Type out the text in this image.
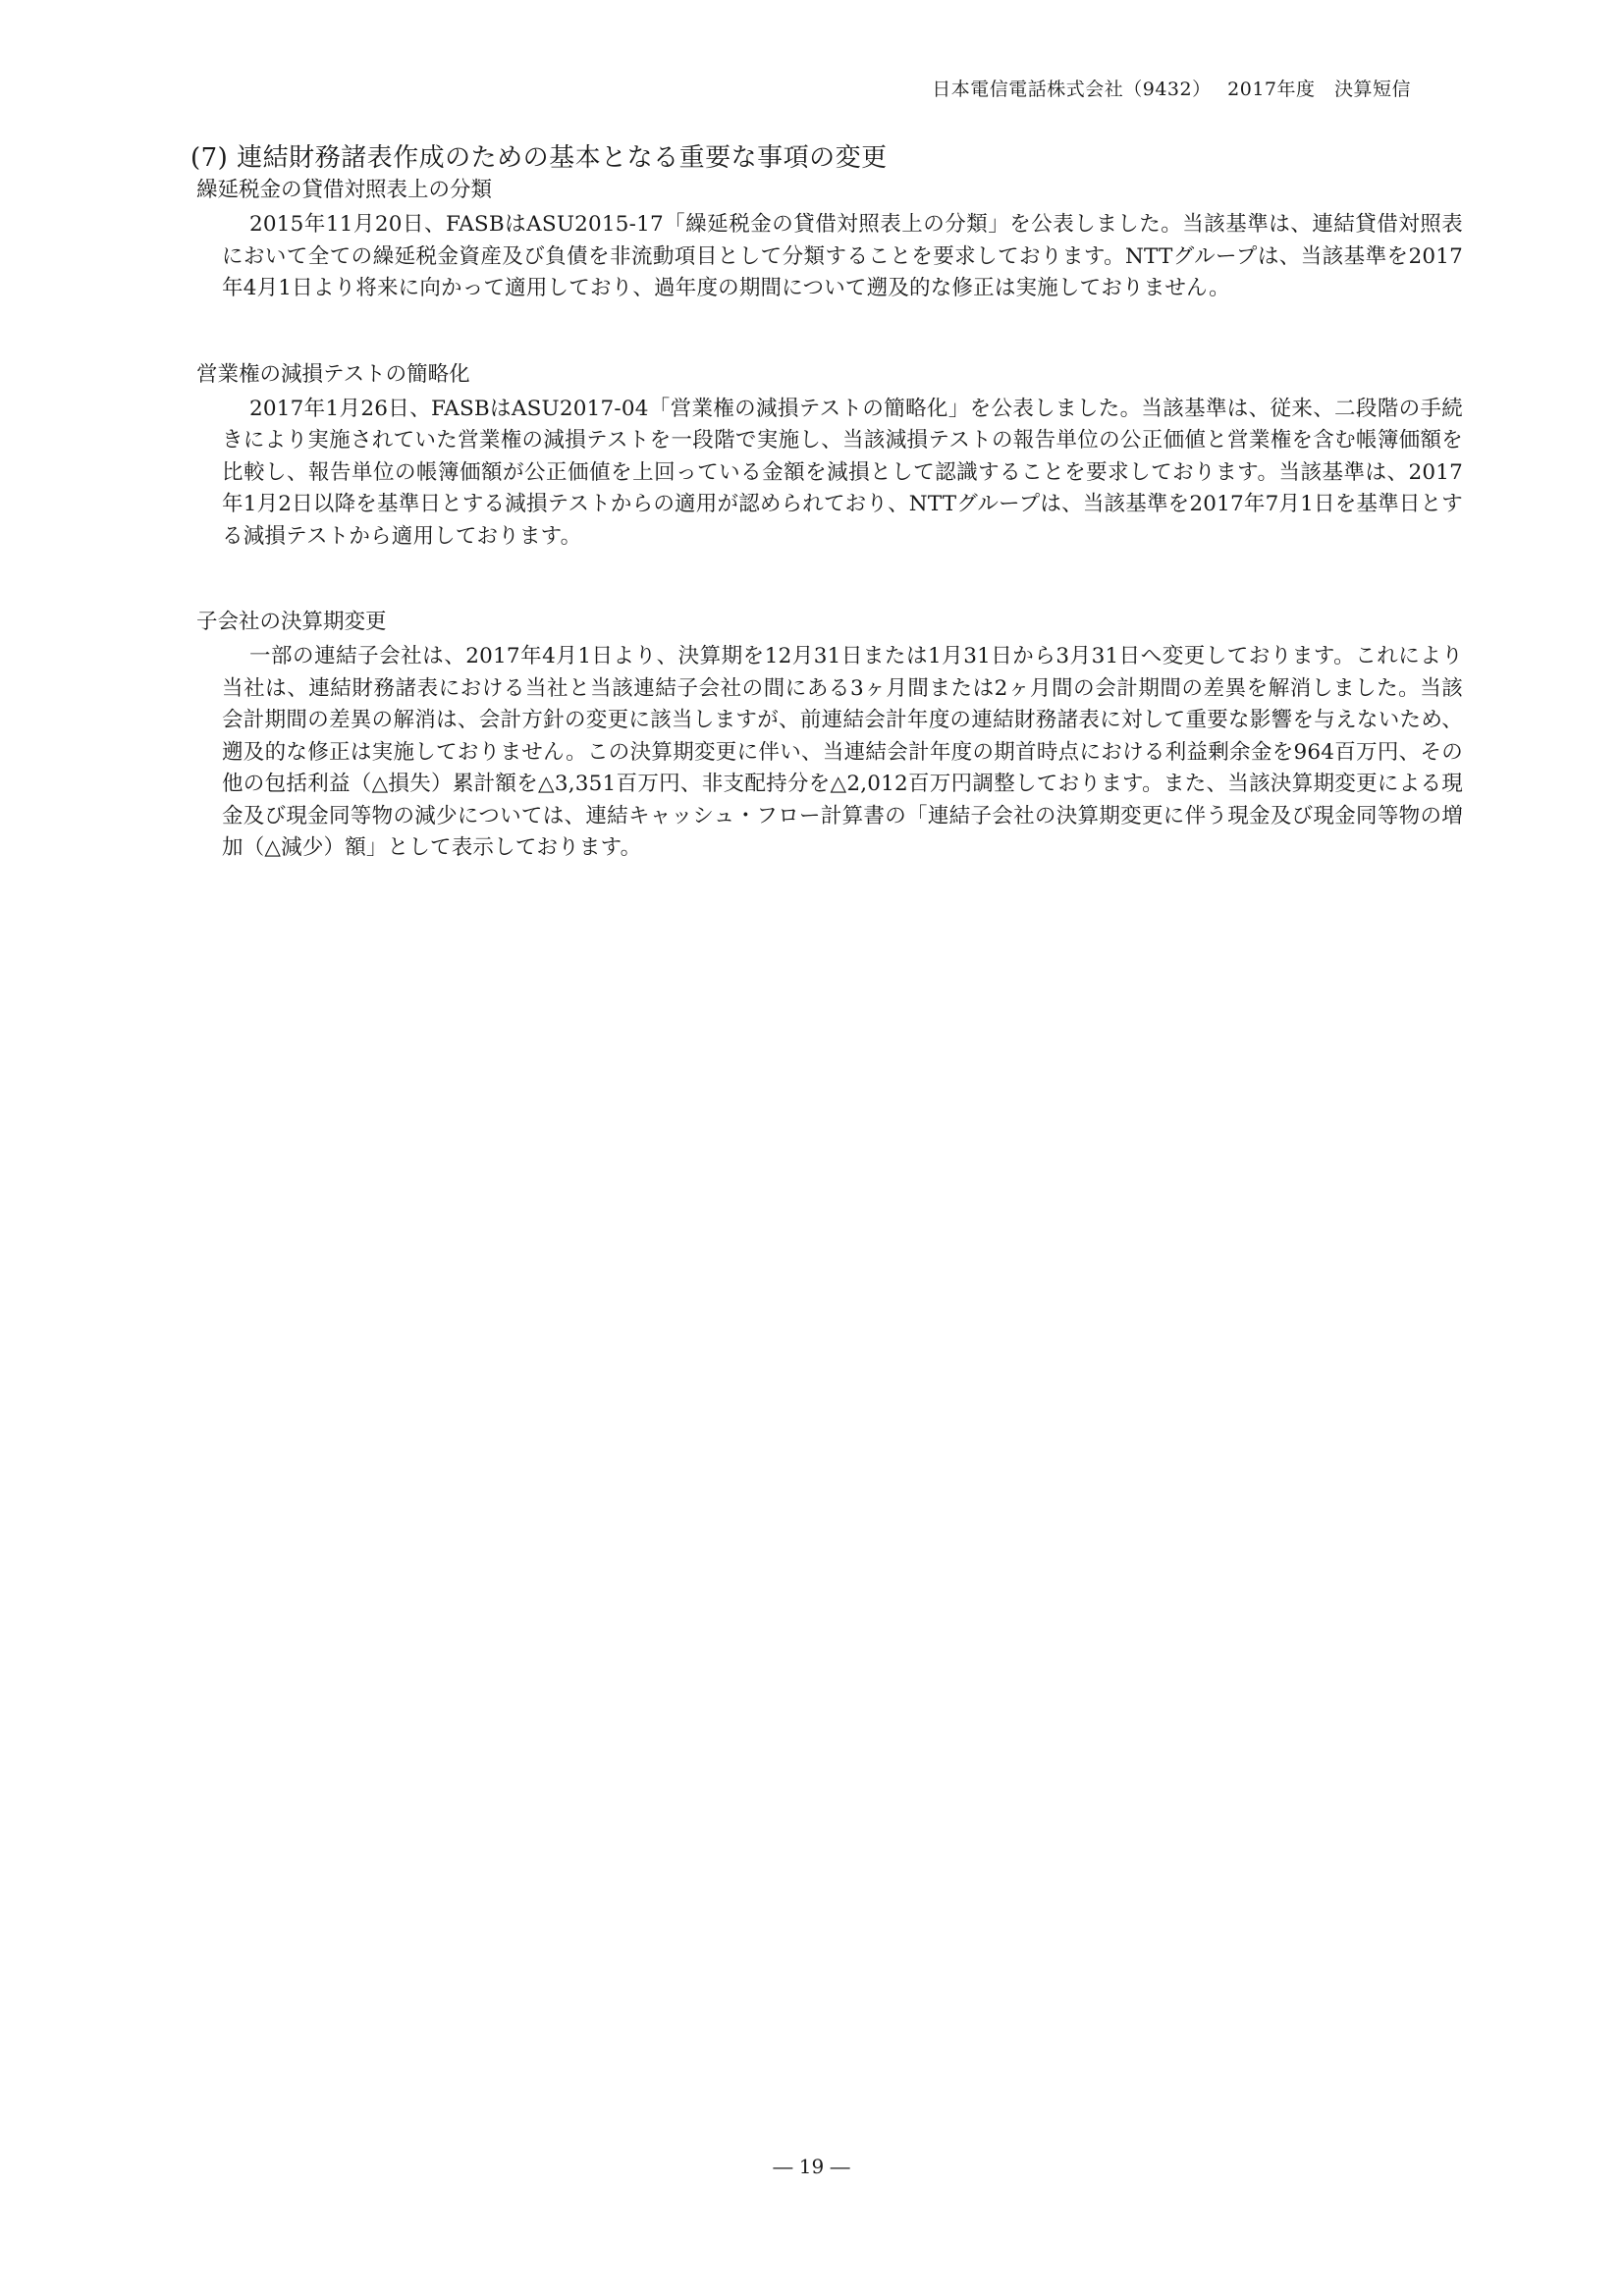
日本電信電話株式会社（9432）　 2017年度　決算短信
(7) 連結財務諸表作成のための基本となる重要な事項の変更
繰延税金の貸借対照表上の分類
2015年11月20日、FASBはASU2015-17「繰延税金の貸借対照表上の分類」を公表しました。当該基準は、連結貸借対照表において全ての繰延税金資産及び負債を非流動項目として分類することを要求しております。NTTグループは、当該基準を2017年4月1日より将来に向かって適用しており、過年度の期間について遡及的な修正は実施しておりません。
営業権の減損テストの簡略化
2017年1月26日、FASBはASU2017-04「営業権の減損テストの簡略化」を公表しました。当該基準は、従来、二段階の手続きにより実施されていた営業権の減損テストを一段階で実施し、当該減損テストの報告単位の公正価値と営業権を含む帳簿価額を比較し、報告単位の帳簿価額が公正価値を上回っている金額を減損として認識することを要求しております。当該基準は、2017年1月2日以降を基準日とする減損テストからの適用が認められており、NTTグループは、当該基準を2017年7月1日を基準日とする減損テストから適用しております。
子会社の決算期変更
一部の連結子会社は、2017年4月1日より、決算期を12月31日または1月31日から3月31日へ変更しております。これにより当社は、連結財務諸表における当社と当該連結子会社の間にある3ヶ月間または2ヶ月間の会計期間の差異を解消しました。当該会計期間の差異の解消は、会計方針の変更に該当しますが、前連結会計年度の連結財務諸表に対して重要な影響を与えないため、遡及的な修正は実施しておりません。この決算期変更に伴い、当連結会計年度の期首時点における利益剰余金を964百万円、その他の包括利益（△損失）累計額を△3,351百万円、非支配持分を△2,012百万円調整しております。また、当該決算期変更による現金及び現金同等物の減少については、連結キャッシュ・フロー計算書の「連結子会社の決算期変更に伴う現金及び現金同等物の増加（△減少）額」として表示しております。
― 19 ―
